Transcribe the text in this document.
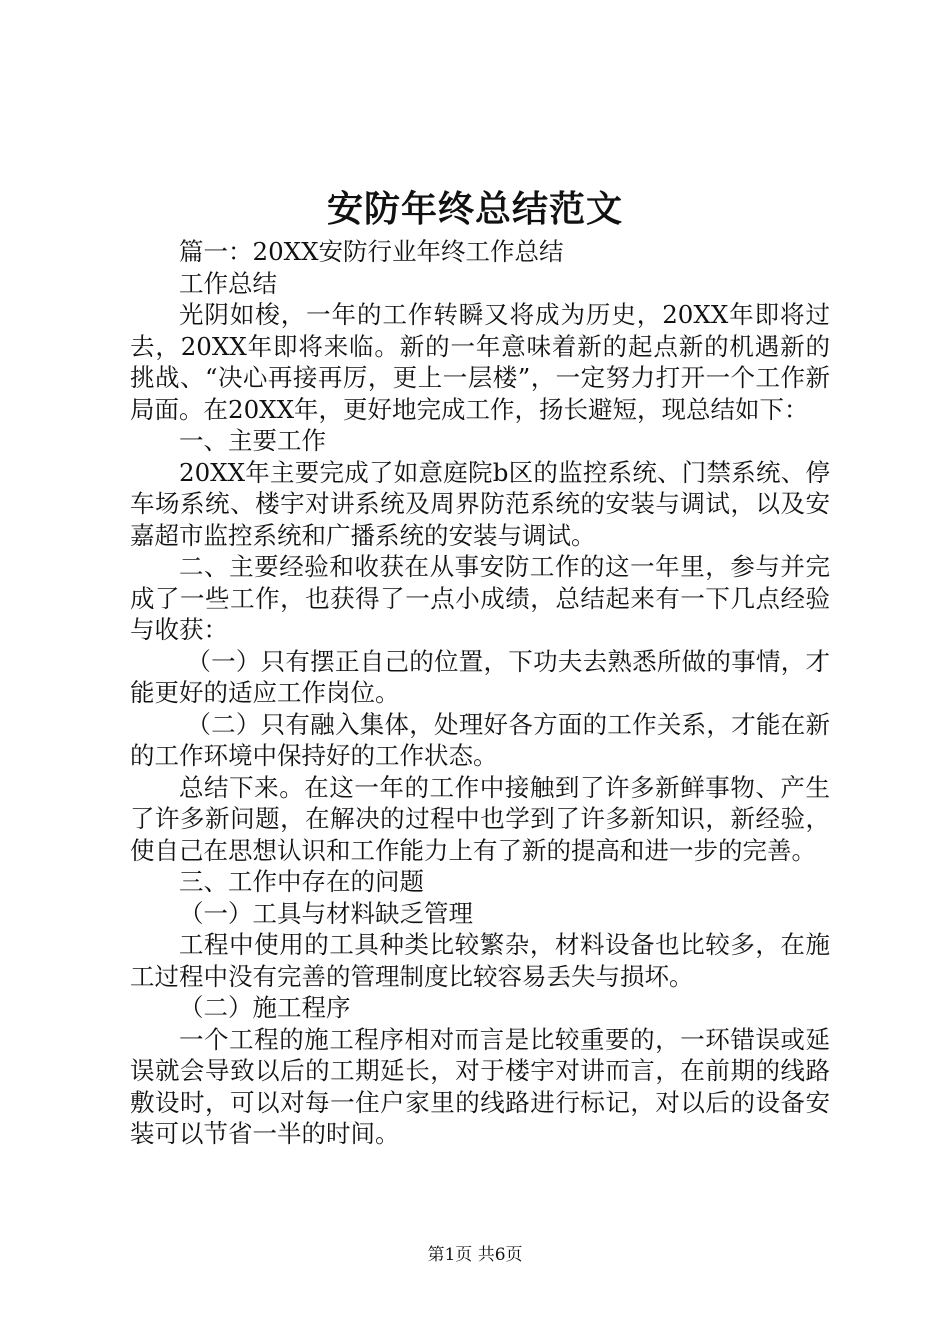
安防年终总结范文

篇一：20XX安防行业年终工作总结

工作总结

光阴如梭，一年的工作转瞬又将成为历史，20XX年即将过去，20XX年即将来临。新的一年意味着新的起点新的机遇新的挑战、“决心再接再厉，更上一层楼”，一定努力打开一个工作新局面。在20XX年，更好地完成工作，扬长避短，现总结如下：

一、主要工作

20XX年主要完成了如意庭院b区的监控系统、门禁系统、停车场系统、楼宇对讲系统及周界防范系统的安装与调试，以及安嘉超市监控系统和广播系统的安装与调试。

二、主要经验和收获在从事安防工作的这一年里，参与并完成了一些工作，也获得了一点小成绩，总结起来有一下几点经验与收获：

（一）只有摆正自己的位置，下功夫去熟悉所做的事情，才能更好的适应工作岗位。

（二）只有融入集体，处理好各方面的工作关系，才能在新的工作环境中保持好的工作状态。

总结下来。在这一年的工作中接触到了许多新鲜事物、产生了许多新问题，在解决的过程中也学到了许多新知识，新经验，使自己在思想认识和工作能力上有了新的提高和进一步的完善。

三、工作中存在的问题

（一）工具与材料缺乏管理

工程中使用的工具种类比较繁杂，材料设备也比较多，在施工过程中没有完善的管理制度比较容易丢失与损坏。

（二）施工程序

一个工程的施工程序相对而言是比较重要的，一环错误或延误就会导致以后的工期延长，对于楼宇对讲而言，在前期的线路敷设时，可以对每一住户家里的线路进行标记，对以后的设备安装可以节省一半的时间。

第1页 共6页
